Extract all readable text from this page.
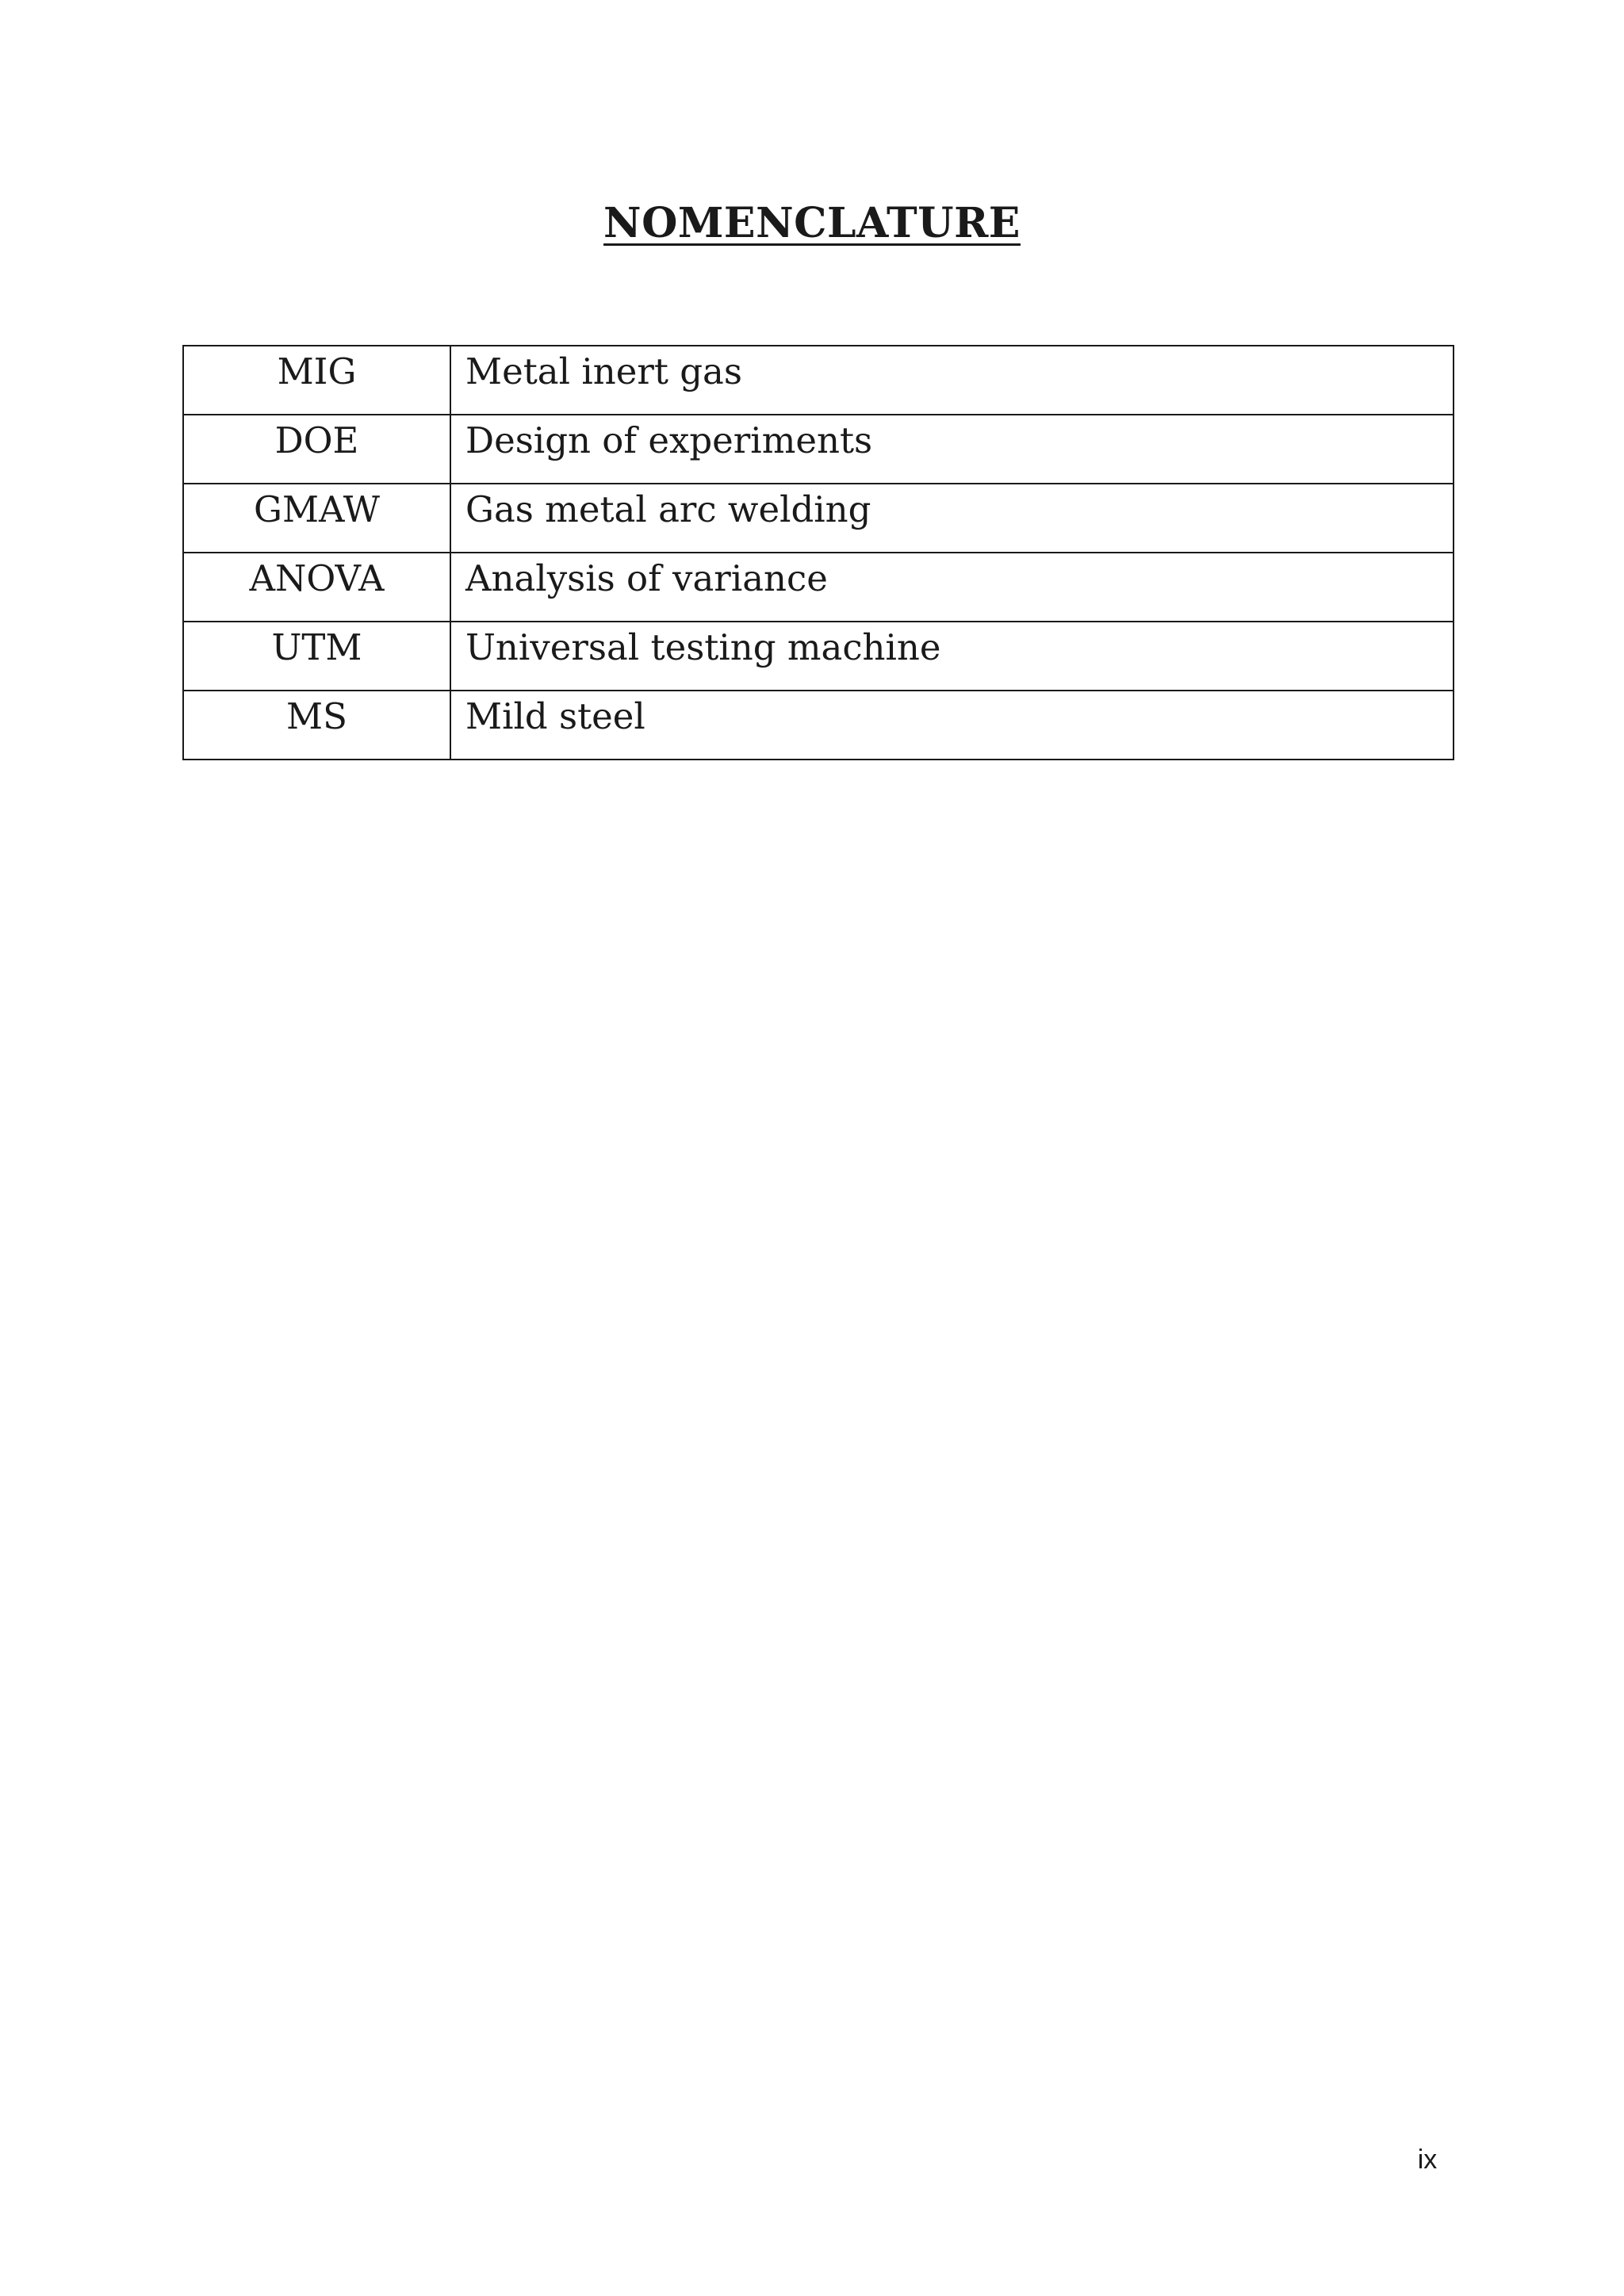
NOMENCLATURE
MIG	Metal inert gas
DOE	Design of experiments
GMAW	Gas metal arc welding
ANOVA	Analysis of variance
UTM	Universal testing machine
MS	Mild steel
ix
